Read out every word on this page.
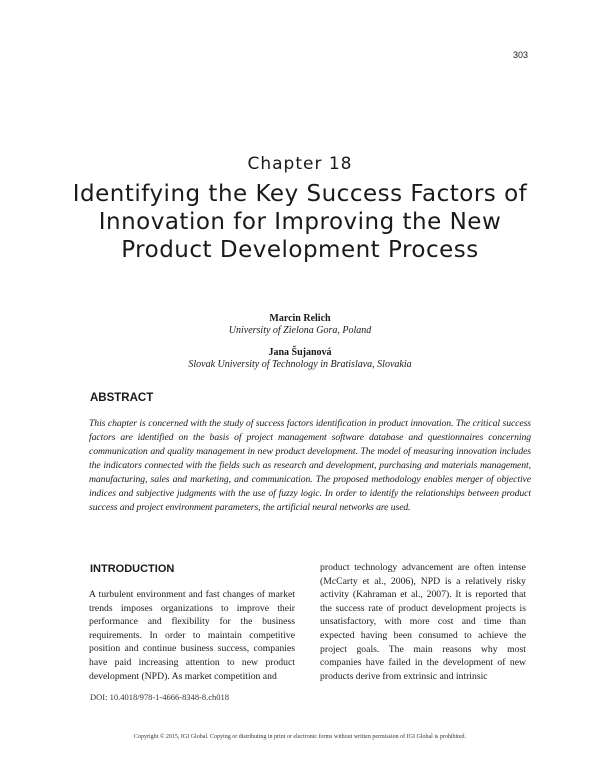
303
Chapter 18
Identifying the Key Success Factors of Innovation for Improving the New Product Development Process
Marcin Relich
University of Zielona Gora, Poland
Jana Šujanová
Slovak University of Technology in Bratislava, Slovakia
ABSTRACT
This chapter is concerned with the study of success factors identification in product innovation. The critical success factors are identified on the basis of project management software database and questionnaires concerning communication and quality management in new product development. The model of measuring innovation includes the indicators connected with the fields such as research and development, purchasing and materials management, manufacturing, sales and marketing, and communication. The proposed methodology enables merger of objective indices and subjective judgments with the use of fuzzy logic. In order to identify the relationships between product success and project environment parameters, the artificial neural networks are used.
INTRODUCTION
A turbulent environment and fast changes of market trends imposes organizations to improve their performance and flexibility for the business requirements. In order to maintain competitive position and continue business success, companies have paid increasing attention to new product development (NPD). As market competition and
product technology advancement are often intense (McCarty et al., 2006), NPD is a relatively risky activity (Kahraman et al., 2007). It is reported that the success rate of product development projects is unsatisfactory, with more cost and time than expected having been consumed to achieve the project goals. The main reasons why most companies have failed in the development of new products derive from extrinsic and intrinsic
DOI: 10.4018/978-1-4666-8348-8.ch018
Copyright © 2015, IGI Global. Copying or distributing in print or electronic forms without written permission of IGI Global is prohibited.
